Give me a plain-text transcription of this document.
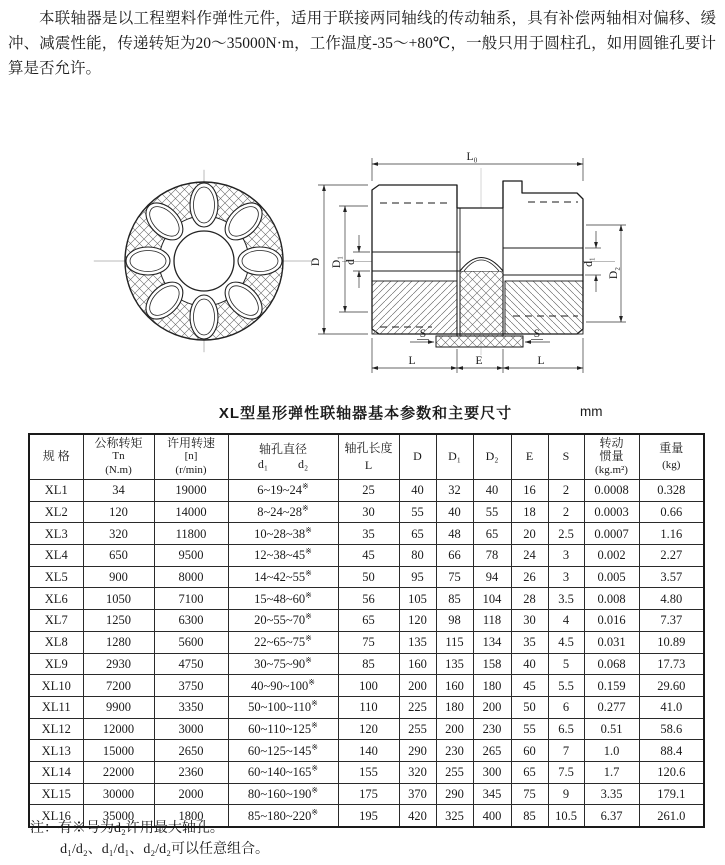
本联轴器是以工程塑料作弹性元件，适用于联接两同轴线的传动轴系，具有补偿两轴相对偏移、缓冲、减震性能，传递转矩为20～35000N·m，工作温度-35～+80℃，一般只用于圆柱孔，如用圆锥孔要计算是否允许。

L₀
D D₁ d	d₁
D₂
S	S
L	E	L
XL型星形弹性联轴器基本参数和主要尺寸	mm
规 格

公称转矩
Tn
(N.m)

许用转速
[n]
(r/min)

轴孔直径
d₁	d₂

轴孔长度
L
	D	D₁	D₂	E	S	
转动
惯量
(kg.m²)

重量
(kg)

XL1	34	19000	6~19~24※	25	40	32	40	16	2	0.0008	0.328
XL2	120	14000	8~24~28※	30	55	40	55	18	2	0.0003	0.66
XL3	320	11800	10~28~38※	35	65	48	65	20	2.5	0.0007	1.16
XL4	650	9500	12~38~45※	45	80	66	78	24	3	0.002	2.27
XL5	900	8000	14~42~55※	50	95	75	94	26	3	0.005	3.57
XL6	1050	7100	15~48~60※	56	105	85	104	28	3.5	0.008	4.80
XL7	1250	6300	20~55~70※	65	120	98	118	30	4	0.016	7.37
XL8	1280	5600	22~65~75※	75	135	115	134	35	4.5	0.031	10.89
XL9	2930	4750	30~75~90※	85	160	135	158	40	5	0.068	17.73
XL10	7200	3750	40~90~100※	100	200	160	180	45	5.5	0.159	29.60
XL11	9900	3350	50~100~110※	110	225	180	200	50	6	0.277	41.0
XL12	12000	3000	60~110~125※	120	255	200	230	55	6.5	0.51	58.6
XL13	15000	2650	60~125~145※	140	290	230	265	60	7	1.0	88.4
XL14	22000	2360	60~140~165※	155	320	255	300	65	7.5	1.7	120.6
XL15	30000	2000	80~160~190※	175	370	290	345	75	9	3.35	179.1
XL16	35000	1800	85~180~220※	195	420	325	400	85	10.5	6.37	261.0
注：有※号为d₂许用最大轴孔。
d₁/d₂、d₁/d₁、d₂/d₂可以任意组合。
